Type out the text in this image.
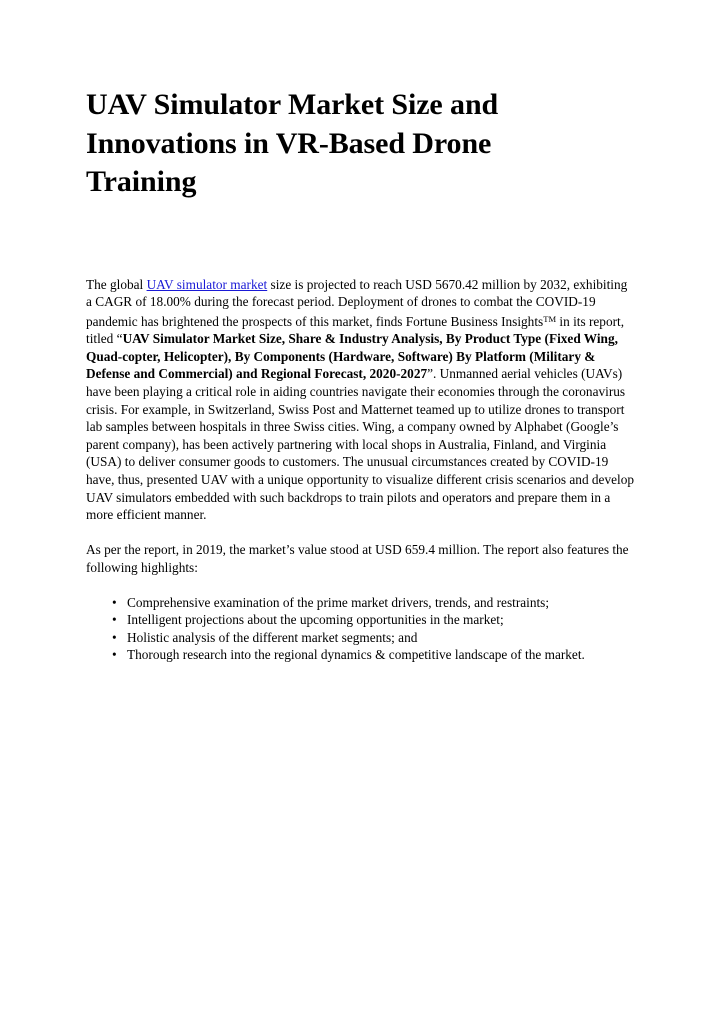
UAV Simulator Market Size and Innovations in VR-Based Drone Training

The global UAV simulator market size is projected to reach USD 5670.42 million by 2032, exhibiting a CAGR of 18.00% during the forecast period. Deployment of drones to combat the COVID-19 pandemic has brightened the prospects of this market, finds Fortune Business Insights™ in its report, titled “UAV Simulator Market Size, Share & Industry Analysis, By Product Type (Fixed Wing, Quad-copter, Helicopter), By Components (Hardware, Software) By Platform (Military & Defense and Commercial) and Regional Forecast, 2020-2027”. Unmanned aerial vehicles (UAVs) have been playing a critical role in aiding countries navigate their economies through the coronavirus crisis. For example, in Switzerland, Swiss Post and Matternet teamed up to utilize drones to transport lab samples between hospitals in three Swiss cities. Wing, a company owned by Alphabet (Google’s parent company), has been actively partnering with local shops in Australia, Finland, and Virginia (USA) to deliver consumer goods to customers. The unusual circumstances created by COVID-19 have, thus, presented UAV with a unique opportunity to visualize different crisis scenarios and develop UAV simulators embedded with such backdrops to train pilots and operators and prepare them in a more efficient manner.

As per the report, in 2019, the market’s value stood at USD 659.4 million. The report also features the following highlights:

• Comprehensive examination of the prime market drivers, trends, and restraints;
• Intelligent projections about the upcoming opportunities in the market;
• Holistic analysis of the different market segments; and
• Thorough research into the regional dynamics & competitive landscape of the market.
